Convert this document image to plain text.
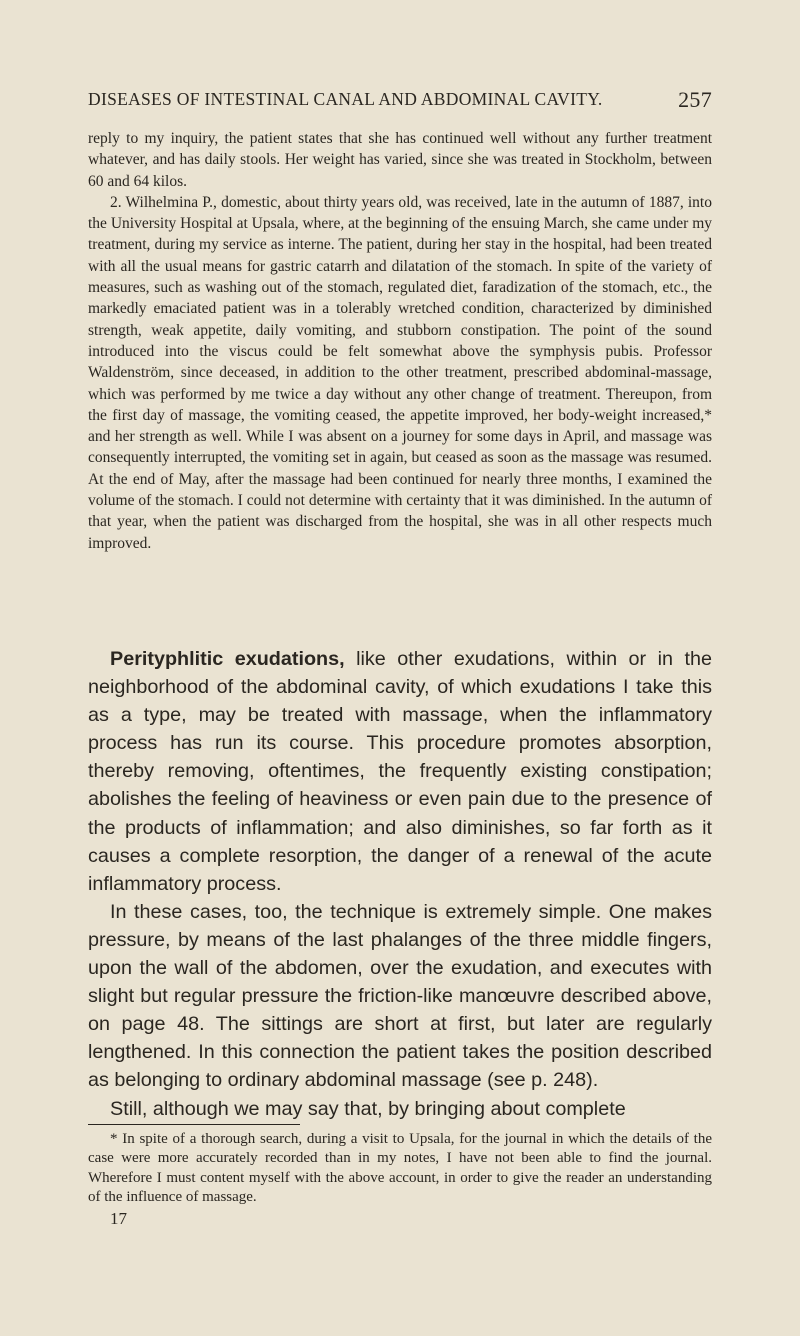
DISEASES OF INTESTINAL CANAL AND ABDOMINAL CAVITY.	257

reply to my inquiry, the patient states that she has continued well without any further treatment whatever, and has daily stools. Her weight has varied, since she was treated in Stockholm, between 60 and 64 kilos.

2. Wilhelmina P., domestic, about thirty years old, was received, late in the autumn of 1887, into the University Hospital at Upsala, where, at the beginning of the ensuing March, she came under my treatment, during my service as interne. The patient, during her stay in the hospital, had been treated with all the usual means for gastric catarrh and dilatation of the stomach. In spite of the variety of measures, such as washing out of the stomach, regulated diet, faradization of the stomach, etc., the markedly emaciated patient was in a tolerably wretched condition, characterized by diminished strength, weak appetite, daily vomiting, and stubborn constipation. The point of the sound introduced into the viscus could be felt somewhat above the symphysis pubis. Professor Waldenström, since deceased, in addition to the other treatment, prescribed abdominal-massage, which was performed by me twice a day without any other change of treatment. Thereupon, from the first day of massage, the vomiting ceased, the appetite improved, her body-weight increased,* and her strength as well. While I was absent on a journey for some days in April, and massage was consequently interrupted, the vomiting set in again, but ceased as soon as the massage was resumed. At the end of May, after the massage had been continued for nearly three months, I examined the volume of the stomach. I could not determine with certainty that it was diminished. In the autumn of that year, when the patient was discharged from the hospital, she was in all other respects much improved.

Perityphlitic exudations, like other exudations, within or in the neighborhood of the abdominal cavity, of which exudations I take this as a type, may be treated with massage, when the inflammatory process has run its course. This procedure promotes absorption, thereby removing, oftentimes, the frequently existing constipation; abolishes the feeling of heaviness or even pain due to the presence of the products of inflammation; and also diminishes, so far forth as it causes a complete resorption, the danger of a renewal of the acute inflammatory process.

In these cases, too, the technique is extremely simple. One makes pressure, by means of the last phalanges of the three middle fingers, upon the wall of the abdomen, over the exudation, and executes with slight but regular pressure the friction-like manœuvre described above, on page 48. The sittings are short at first, but later are regularly lengthened. In this connection the patient takes the position described as belonging to ordinary abdominal massage (see p. 248).

Still, although we may say that, by bringing about complete

* In spite of a thorough search, during a visit to Upsala, for the journal in which the details of the case were more accurately recorded than in my notes, I have not been able to find the journal. Wherefore I must content myself with the above account, in order to give the reader an understanding of the influence of massage.

17
